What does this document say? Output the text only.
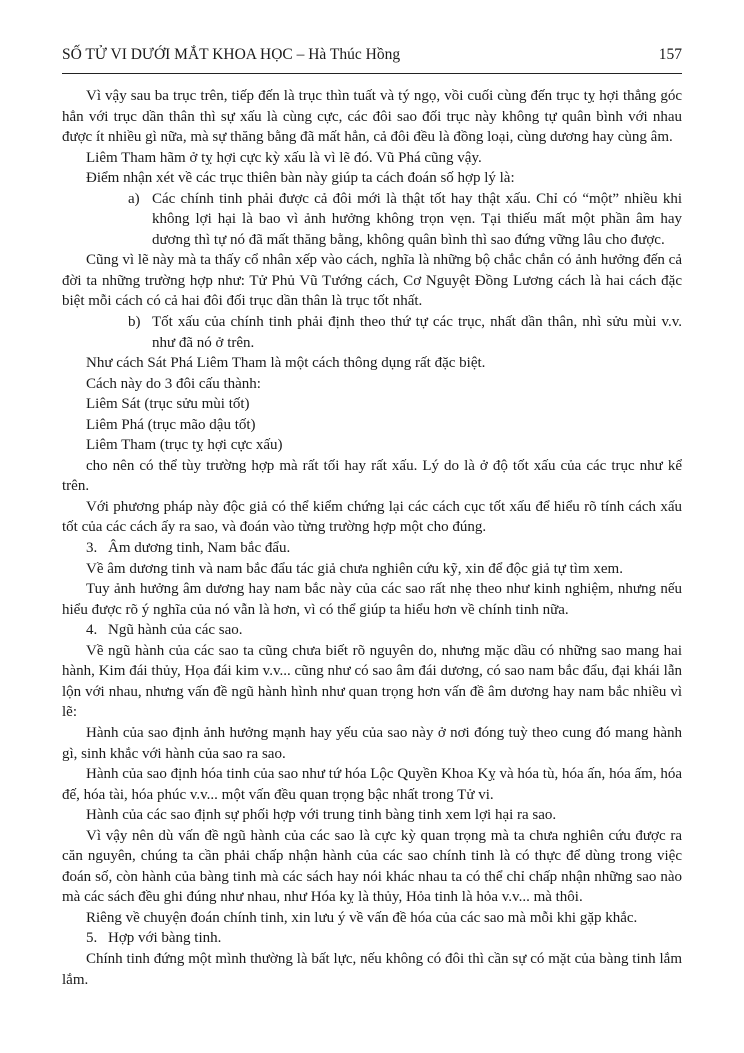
SỐ TỬ VI DƯỚI MẮT KHOA HỌC – Hà Thúc Hồng	157

Vì vậy sau ba trục trên, tiếp đến là trục thìn tuất và tý ngọ, vồi cuối cùng đến trục tỵ hợi thẳng góc hẳn với trục dần thân thì sự xấu là cùng cực, các đôi sao đối trục này không tự quân bình với nhau được ít nhiều gì nữa, mà sự thăng bằng đã mất hẳn, cả đôi đều là đồng loại, cùng dương hay cùng âm.

Liêm Tham hãm ở tỵ hợi cực kỳ xấu là vì lẽ đó. Vũ Phá cũng vậy.

Điểm nhận xét về các trục thiên bàn này giúp ta cách đoán số hợp lý là:

a) Các chính tinh phải được cả đôi mới là thật tốt hay thật xấu. Chỉ có “một” nhiều khi không lợi hại là bao vì ảnh hưởng không trọn vẹn. Tại thiếu mất một phần âm hay dương thì tự nó đã mất thăng bằng, không quân bình thì sao đứng vững lâu cho được.

Cũng vì lẽ này mà ta thấy cổ nhân xếp vào cách, nghĩa là những bộ chắc chắn có ảnh hưởng đến cả đời ta những trường hợp như: Tử Phủ Vũ Tướng cách, Cơ Nguyệt Đồng Lương cách là hai cách đặc biệt mỗi cách có cả hai đôi đối trục dần thân là trục tốt nhất.

b) Tốt xấu của chính tinh phải định theo thứ tự các trục, nhất dần thân, nhì sửu mùi v.v. như đã nó ở trên.

Như cách Sát Phá Liêm Tham là một cách thông dụng rất đặc biệt.

Cách này do 3 đôi cấu thành:

Liêm Sát (trục sửu mùi tốt)

Liêm Phá (trục mão dậu tốt)

Liêm Tham (trục tỵ hợi cực xấu)

cho nên có thể tùy trường hợp mà rất tối hay rất xấu. Lý do là ở độ tốt xấu của các trục như kể trên.

Với phương pháp này độc giả có thể kiểm chứng lại các cách cục tốt xấu để hiểu rõ tính cách xấu tốt của các cách ấy ra sao, và đoán vào từng trường hợp một cho đúng.

3. Âm dương tinh, Nam bắc đẩu.

Về âm dương tinh và nam bắc đẩu tác giả chưa nghiên cứu kỹ, xin để độc giả tự tìm xem.

Tuy ảnh hưởng âm dương hay nam bắc này của các sao rất nhẹ theo như kinh nghiệm, nhưng nếu hiểu được rõ ý nghĩa của nó vẫn là hơn, vì có thể giúp ta hiểu hơn về chính tinh nữa.

4. Ngũ hành của các sao.

Về ngũ hành của các sao ta cũng chưa biết rõ nguyên do, nhưng mặc dầu có những sao mang hai hành, Kim đái thủy, Họa đái kim v.v... cũng như có sao âm đái dương, có sao nam bắc đẩu, đại khái lẫn lộn với nhau, nhưng vấn đề ngũ hành hình như quan trọng hơn vấn đề âm dương hay nam bắc nhiều vì lẽ:

Hành của sao định ảnh hưởng mạnh hay yếu của sao này ở nơi đóng tuỳ theo cung đó mang hành gì, sinh khắc với hành của sao ra sao.

Hành của sao định hóa tinh của sao như tứ hóa Lộc Quyền Khoa Kỵ và hóa tù, hóa ấn, hóa ấm, hóa đế, hóa tài, hóa phúc v.v... một vấn đều quan trọng bậc nhất trong Tử vi.

Hành của các sao định sự phối hợp với trung tinh bàng tinh xem lợi hại ra sao.

Vì vậy nên dù vấn đề ngũ hành của các sao là cực kỳ quan trọng mà ta chưa nghiên cứu được ra căn nguyên, chúng ta cần phải chấp nhận hành của các sao chính tinh là có thực để dùng trong việc đoán số, còn hành của bàng tinh mà các sách hay nói khác nhau ta có thể chỉ chấp nhận những sao nào mà các sách đều ghi đúng như nhau, như Hóa kỵ là thủy, Hỏa tinh là hỏa v.v... mà thôi.

Riêng về chuyện đoán chính tinh, xin lưu ý về vấn đề hóa của các sao mà mỗi khi gặp khắc.

5. Hợp với bàng tinh.

Chính tinh đứng một mình thường là bất lực, nếu không có đôi thì cần sự có mặt của bàng tinh lắm lắm.
